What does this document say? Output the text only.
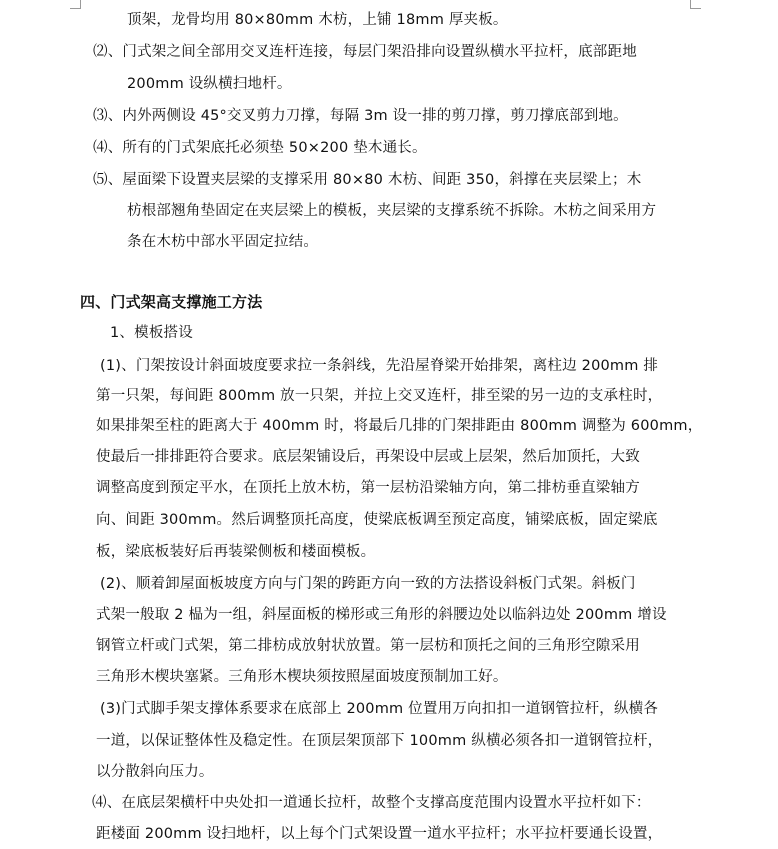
顶架，龙骨均用 80×80mm 木枋，上铺 18mm 厚夹板。
⑵、门式架之间全部用交叉连杆连接，每层门架沿排向设置纵横水平拉杆，底部距地
200mm 设纵横扫地杆。
⑶、内外两侧设 45°交叉剪力刀撑，每隔 3m 设一排的剪刀撑，剪刀撑底部到地。
⑷、所有的门式架底托必须垫 50×200 垫木通长。
⑸、屋面梁下设置夹层梁的支撑采用 80×80 木枋、间距 350，斜撑在夹层梁上；木
枋根部翘角垫固定在夹层梁上的模板，夹层梁的支撑系统不拆除。木枋之间采用方
条在木枋中部水平固定拉结。
四、门式架高支撑施工方法
1、模板搭设
(1)、门架按设计斜面坡度要求拉一条斜线，先沿屋脊梁开始排架，离柱边 200mm 排
第一只架，每间距 800mm 放一只架，并拉上交叉连杆，排至梁的另一边的支承柱时，
如果排架至柱的距离大于 400mm 时，将最后几排的门架排距由 800mm 调整为 600mm，
使最后一排排距符合要求。底层架铺设后，再架设中层或上层架，然后加顶托，大致
调整高度到预定平水，在顶托上放木枋，第一层枋沿梁轴方向，第二排枋垂直梁轴方
向、间距 300mm。然后调整顶托高度，使梁底板调至预定高度，铺梁底板，固定梁底
板，梁底板装好后再装梁侧板和楼面模板。
(2)、顺着卸屋面板坡度方向与门架的跨距方向一致的方法搭设斜板门式架。斜板门
式架一般取 2 榀为一组，斜屋面板的梯形或三角形的斜腰边处以临斜边处 200mm 增设
钢管立杆或门式架，第二排枋成放射状放置。第一层枋和顶托之间的三角形空隙采用
三角形木楔块塞紧。三角形木楔块须按照屋面坡度预制加工好。
(3)门式脚手架支撑体系要求在底部上 200mm 位置用万向扣扣一道钢管拉杆，纵横各
一道，以保证整体性及稳定性。在顶层架顶部下 100mm 纵横必须各扣一道钢管拉杆，
以分散斜向压力。
⑷、在底层架横杆中央处扣一道通长拉杆，故整个支撑高度范围内设置水平拉杆如下：
距楼面 200mm 设扫地杆，以上每个门式架设置一道水平拉杆；水平拉杆要通长设置，
